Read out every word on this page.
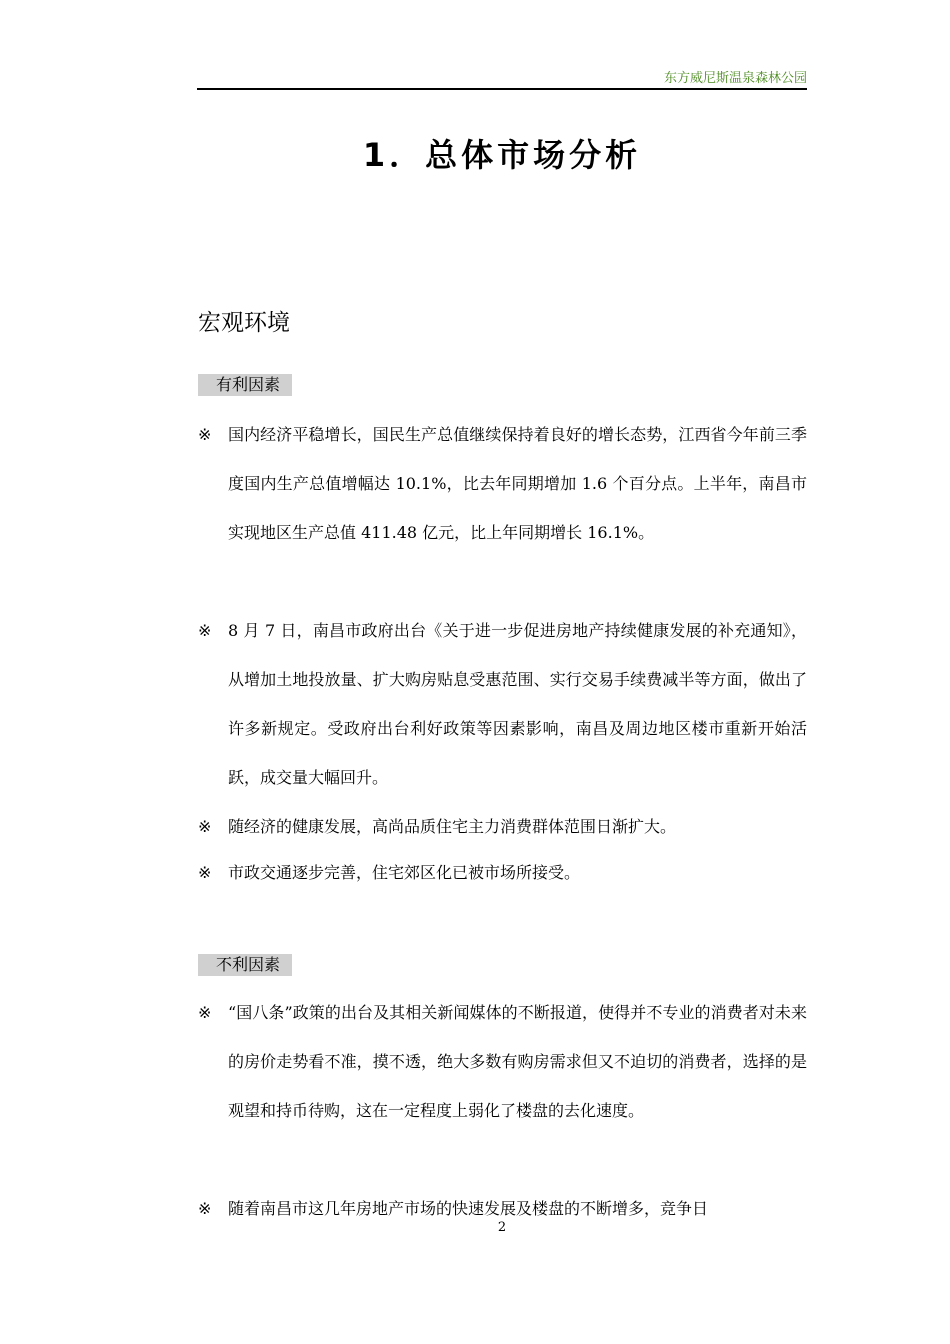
东方威尼斯温泉森林公园
1．总体市场分析
宏观环境
有利因素
※	国内经济平稳增长，国民生产总值继续保持着良好的增长态势，江西省今年前三季度国内生产总值增幅达 10.1%，比去年同期增加 1.6 个百分点。上半年，南昌市实现地区生产总值 411.48 亿元，比上年同期增长 16.1%。
※	8 月 7 日，南昌市政府出台《关于进一步促进房地产持续健康发展的补充通知》，从增加土地投放量、扩大购房贴息受惠范围、实行交易手续费减半等方面，做出了许多新规定。受政府出台利好政策等因素影响，南昌及周边地区楼市重新开始活跃，成交量大幅回升。
※	随经济的健康发展，高尚品质住宅主力消费群体范围日渐扩大。
※	市政交通逐步完善，住宅郊区化已被市场所接受。
不利因素
※	“国八条”政策的出台及其相关新闻媒体的不断报道，使得并不专业的消费者对未来的房价走势看不准，摸不透，绝大多数有购房需求但又不迫切的消费者，选择的是观望和持币待购，这在一定程度上弱化了楼盘的去化速度。
※	随着南昌市这几年房地产市场的快速发展及楼盘的不断增多，竞争日
2
